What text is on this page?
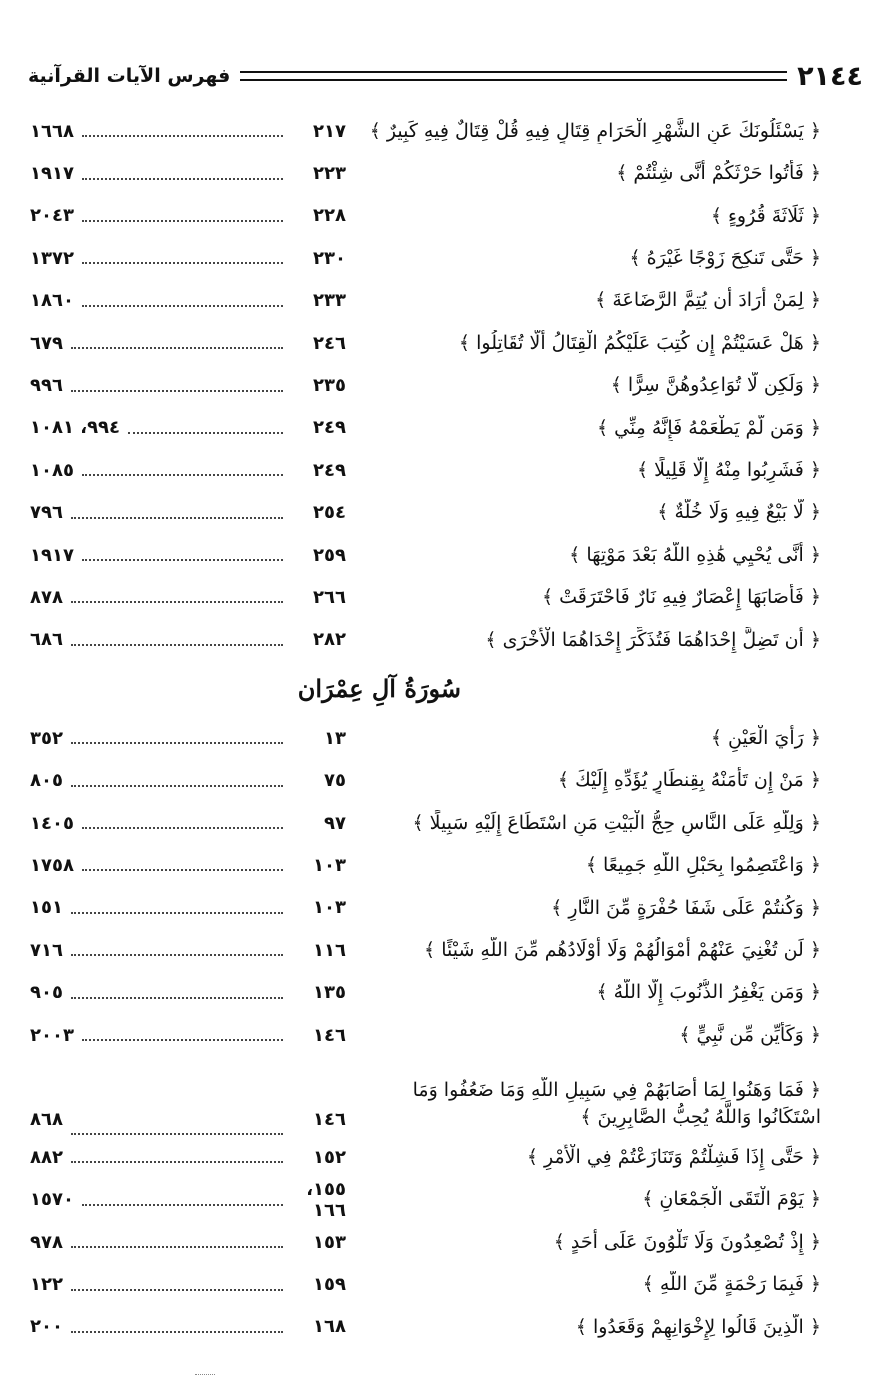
٢١٤٤
فهرس الآيات القرآنية
﴿ يَسْئَلُونَكَ عَنِ الشَّهْرِ الْحَرَامِ قِتَالٍ فِيهِ قُلْ قِتَالٌ فِيهِ كَبِيرٌ ﴾
٢١٧
١٦٦٨
﴿ فَأْتُوا حَرْثَكُمْ أَنَّى شِئْتُمْ ﴾
٢٢٣
١٩١٧
﴿ ثَلَاثَةَ قُرُوءٍ ﴾
٢٢٨
٢٠٤٣
﴿ حَتَّى تَنكِحَ زَوْجًا غَيْرَهُ ﴾
٢٣٠
١٣٧٢
﴿ لِمَنْ أَرَادَ أَن يُتِمَّ الرَّضَاعَةَ ﴾
٢٣٣
١٨٦٠
﴿ هَلْ عَسَيْتُمْ إِن كُتِبَ عَلَيْكُمُ الْقِتَالُ أَلَّا تُقَاتِلُوا ﴾
٢٤٦
٦٧٩
﴿ وَلَكِن لَّا تُوَاعِدُوهُنَّ سِرًّا ﴾
٢٣٥
٩٩٦
﴿ وَمَن لَّمْ يَطْعَمْهُ فَإِنَّهُ مِنِّي ﴾
٢٤٩
٩٩٤، ١٠٨١
﴿ فَشَرِبُوا مِنْهُ إِلَّا قَلِيلًا ﴾
٢٤٩
١٠٨٥
﴿ لَّا بَيْعٌ فِيهِ وَلَا خُلَّةٌ ﴾
٢٥٤
٧٩٦
﴿ أَنَّى يُحْيِي هَٰذِهِ اللَّهُ بَعْدَ مَوْتِهَا ﴾
٢٥٩
١٩١٧
﴿ فَأَصَابَهَا إِعْصَارٌ فِيهِ نَارٌ فَاحْتَرَقَتْ ﴾
٢٦٦
٨٧٨
﴿ أَن تَضِلَّ إِحْدَاهُمَا فَتُذَكِّرَ إِحْدَاهُمَا الْأُخْرَى ﴾
٢٨٢
٦٨٦
سُورَةُ آلِ عِمْرَان
﴿ رَأْيَ الْعَيْنِ ﴾
١٣
٣٥٢
﴿ مَنْ إِن تَأْمَنْهُ بِقِنطَارٍ يُؤَدِّهِ إِلَيْكَ ﴾
٧٥
٨٠٥
﴿ وَلِلَّهِ عَلَى النَّاسِ حِجُّ الْبَيْتِ مَنِ اسْتَطَاعَ إِلَيْهِ سَبِيلًا ﴾
٩٧
١٤٠٥
﴿ وَاعْتَصِمُوا بِحَبْلِ اللَّهِ جَمِيعًا ﴾
١٠٣
١٧٥٨
﴿ وَكُنتُمْ عَلَى شَفَا حُفْرَةٍ مِّنَ النَّارِ ﴾
١٠٣
١٥١
﴿ لَن تُغْنِيَ عَنْهُمْ أَمْوَالُهُمْ وَلَا أَوْلَادُهُم مِّنَ اللَّهِ شَيْئًا ﴾
١١٦
٧١٦
﴿ وَمَن يَغْفِرُ الذُّنُوبَ إِلَّا اللَّهُ ﴾
١٣٥
٩٠٥
﴿ وَكَأَيِّن مِّن نَّبِيٍّ ﴾
١٤٦
٢٠٠٣
﴿ فَمَا وَهَنُوا لِمَا أَصَابَهُمْ فِي سَبِيلِ اللَّهِ وَمَا ضَعُفُوا وَمَا اسْتَكَانُوا وَاللَّهُ يُحِبُّ الصَّابِرِينَ ﴾
١٤٦
٨٦٨
﴿ حَتَّى إِذَا فَشِلْتُمْ وَتَنَازَعْتُمْ فِي الْأَمْرِ ﴾
١٥٢
٨٨٢
﴿ يَوْمَ الْتَقَى الْجَمْعَانِ ﴾
١٥٥، ١٦٦
١٥٧٠
﴿ إِذْ تُصْعِدُونَ وَلَا تَلْوُونَ عَلَى أَحَدٍ ﴾
١٥٣
٩٧٨
﴿ فَبِمَا رَحْمَةٍ مِّنَ اللَّهِ ﴾
١٥٩
١٢٢
﴿ الَّذِينَ قَالُوا لِإِخْوَانِهِمْ وَقَعَدُوا ﴾
١٦٨
٢٠٠
